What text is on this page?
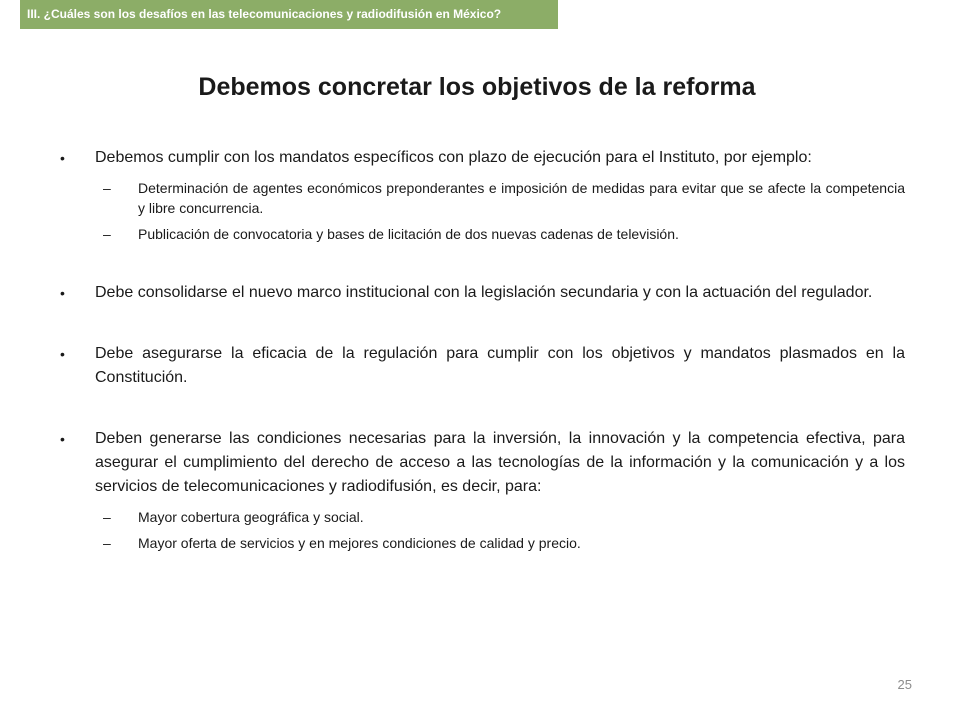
III. ¿Cuáles son los desafíos en las telecomunicaciones y radiodifusión en México?
Debemos concretar los objetivos de la reforma
• Debemos cumplir con los mandatos específicos con plazo de ejecución para el Instituto, por ejemplo:
– Determinación de agentes económicos preponderantes e imposición de medidas para evitar que se afecte la competencia y libre concurrencia.
– Publicación de convocatoria y bases de licitación de dos nuevas cadenas de televisión.
• Debe consolidarse el nuevo marco institucional con la legislación secundaria y con la actuación del regulador.
• Debe asegurarse la eficacia de la regulación para cumplir con los objetivos y mandatos plasmados en la Constitución.
• Deben generarse las condiciones necesarias para la inversión, la innovación y la competencia efectiva, para asegurar el cumplimiento del derecho de acceso a las tecnologías de la información y la comunicación y a los servicios de telecomunicaciones y radiodifusión, es decir, para:
– Mayor cobertura geográfica y social.
– Mayor oferta de servicios y en mejores condiciones de calidad y precio.
25
